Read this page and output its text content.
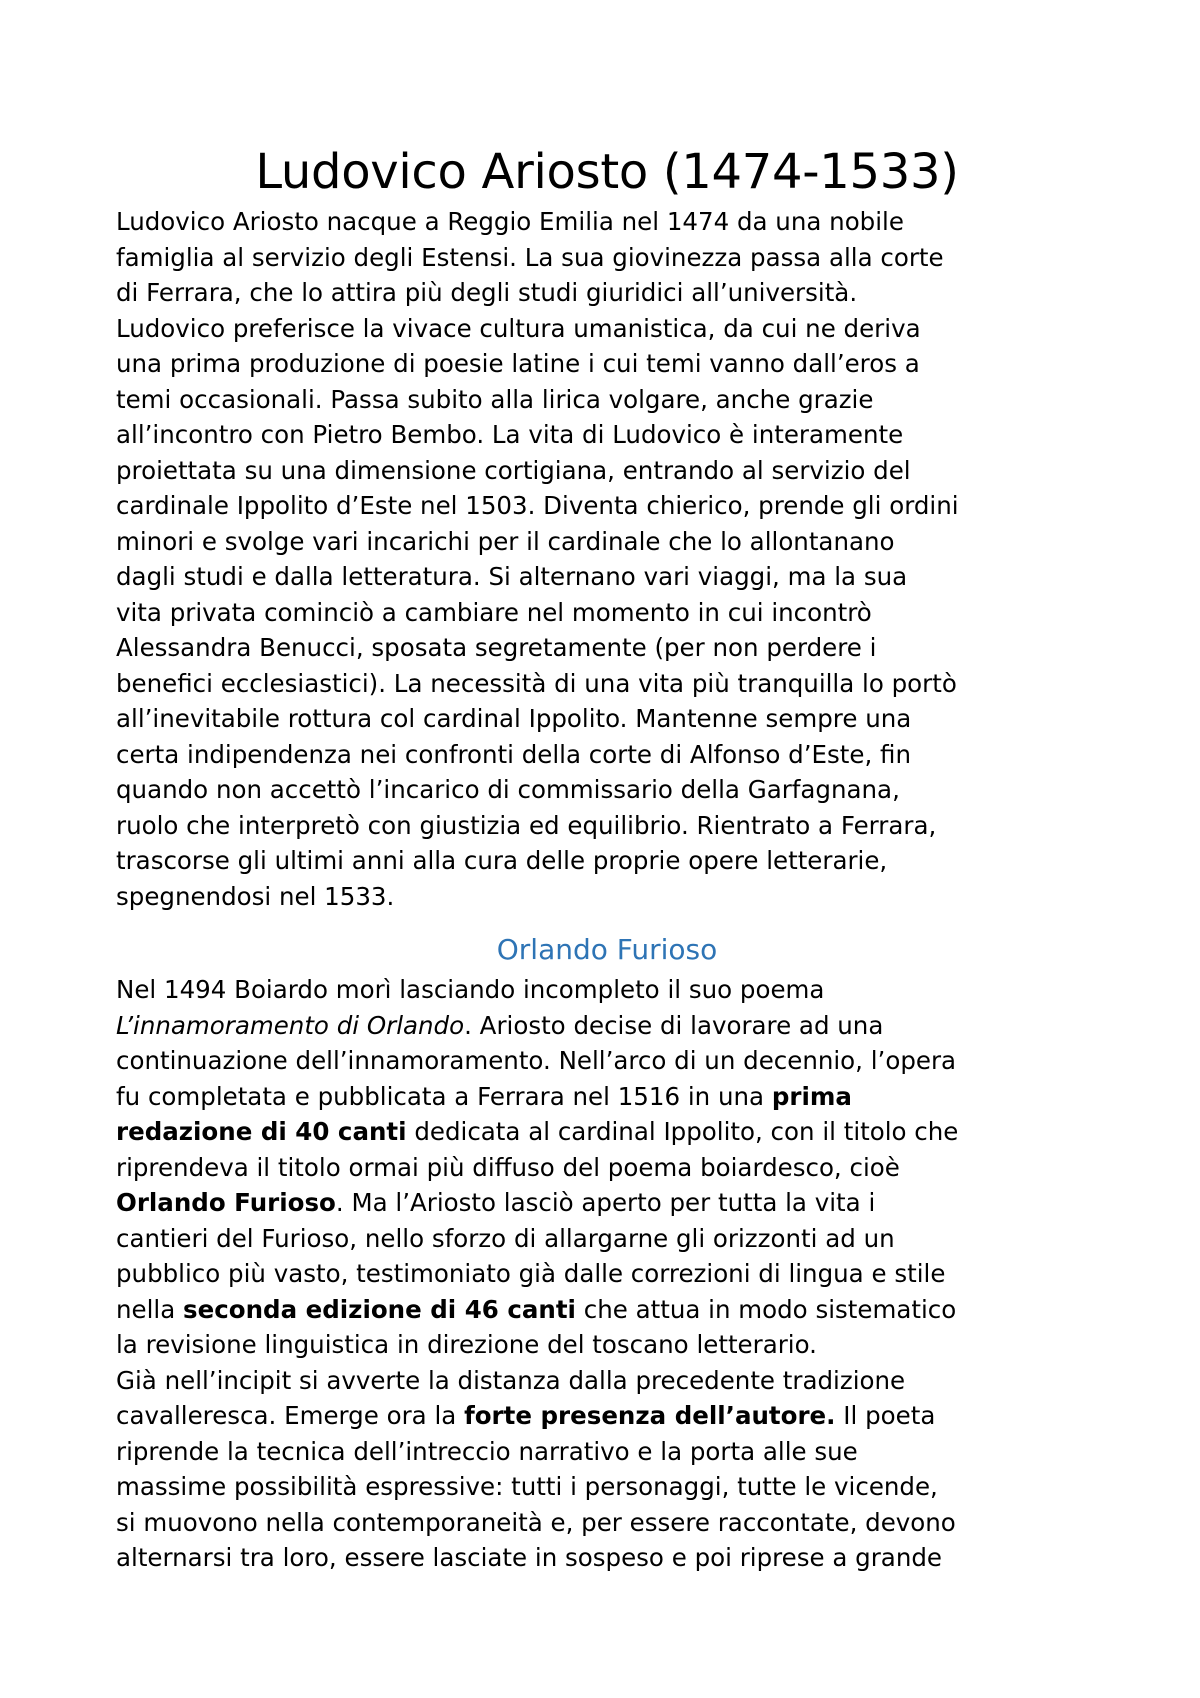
Ludovico Ariosto (1474-1533)
Ludovico Ariosto nacque a Reggio Emilia nel 1474 da una nobile
famiglia al servizio degli Estensi. La sua giovinezza passa alla corte
di Ferrara, che lo attira più degli studi giuridici all’università.
Ludovico preferisce la vivace cultura umanistica, da cui ne deriva
una prima produzione di poesie latine i cui temi vanno dall’eros a
temi occasionali. Passa subito alla lirica volgare, anche grazie
all’incontro con Pietro Bembo. La vita di Ludovico è interamente
proiettata su una dimensione cortigiana, entrando al servizio del
cardinale Ippolito d’Este nel 1503. Diventa chierico, prende gli ordini
minori e svolge vari incarichi per il cardinale che lo allontanano
dagli studi e dalla letteratura. Si alternano vari viaggi, ma la sua
vita privata cominciò a cambiare nel momento in cui incontrò
Alessandra Benucci, sposata segretamente (per non perdere i
benefici ecclesiastici). La necessità di una vita più tranquilla lo portò
all’inevitabile rottura col cardinal Ippolito. Mantenne sempre una
certa indipendenza nei confronti della corte di Alfonso d’Este, fin
quando non accettò l’incarico di commissario della Garfagnana,
ruolo che interpretò con giustizia ed equilibrio. Rientrato a Ferrara,
trascorse gli ultimi anni alla cura delle proprie opere letterarie,
spegnendosi nel 1533.
Orlando Furioso
Nel 1494 Boiardo morì lasciando incompleto il suo poema
L’innamoramento di Orlando. Ariosto decise di lavorare ad una
continuazione dell’innamoramento. Nell’arco di un decennio, l’opera
fu completata e pubblicata a Ferrara nel 1516 in una prima
redazione di 40 canti dedicata al cardinal Ippolito, con il titolo che
riprendeva il titolo ormai più diffuso del poema boiardesco, cioè
Orlando Furioso. Ma l’Ariosto lasciò aperto per tutta la vita i
cantieri del Furioso, nello sforzo di allargarne gli orizzonti ad un
pubblico più vasto, testimoniato già dalle correzioni di lingua e stile
nella seconda edizione di 46 canti che attua in modo sistematico
la revisione linguistica in direzione del toscano letterario.
Già nell’incipit si avverte la distanza dalla precedente tradizione
cavalleresca. Emerge ora la forte presenza dell’autore. Il poeta
riprende la tecnica dell’intreccio narrativo e la porta alle sue
massime possibilità espressive: tutti i personaggi, tutte le vicende,
si muovono nella contemporaneità e, per essere raccontate, devono
alternarsi tra loro, essere lasciate in sospeso e poi riprese a grande
